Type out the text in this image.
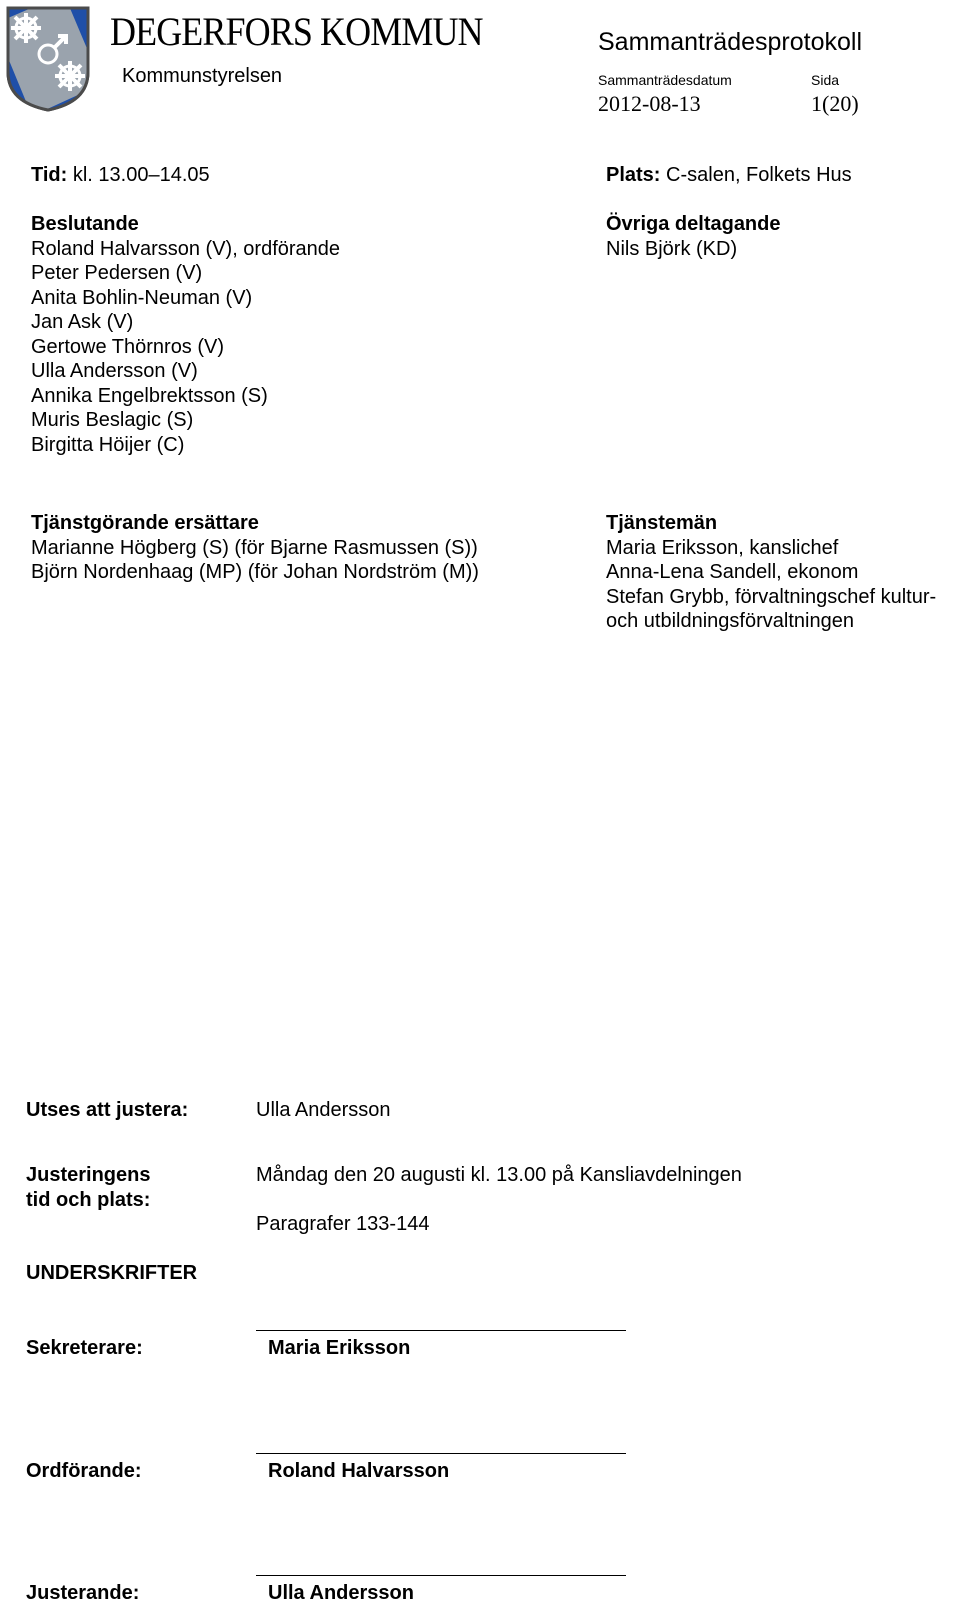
DEGERFORS KOMMUN
Kommunstyrelsen
Sammanträdesprotokoll
Sammanträdesdatum	Sida
2012-08-13	1(20)
Tid: kl. 13.00–14.05	Plats: C-salen, Folkets Hus
Beslutande
Roland Halvarsson (V), ordförande
Peter Pedersen (V)
Anita Bohlin-Neuman (V)
Jan Ask (V)
Gertowe Thörnros (V)
Ulla Andersson (V)
Annika Engelbrektsson (S)
Muris Beslagic (S)
Birgitta Höijer (C)
Övriga deltagande
Nils Björk (KD)
Tjänstgörande ersättare
Marianne Högberg (S) (för Bjarne Rasmussen (S))
Björn Nordenhaag (MP) (för Johan Nordström (M))
Tjänstemän
Maria Eriksson, kanslichef
Anna-Lena Sandell, ekonom
Stefan Grybb, förvaltningschef kultur-
och utbildningsförvaltningen
Utses att justera:	Ulla Andersson
Justeringens
tid och plats:
Måndag den 20 augusti kl. 13.00 på Kansliavdelningen
Paragrafer 133-144
UNDERSKRIFTER
Sekreterare:	Maria Eriksson
Ordförande:	Roland Halvarsson
Justerande:	Ulla Andersson
